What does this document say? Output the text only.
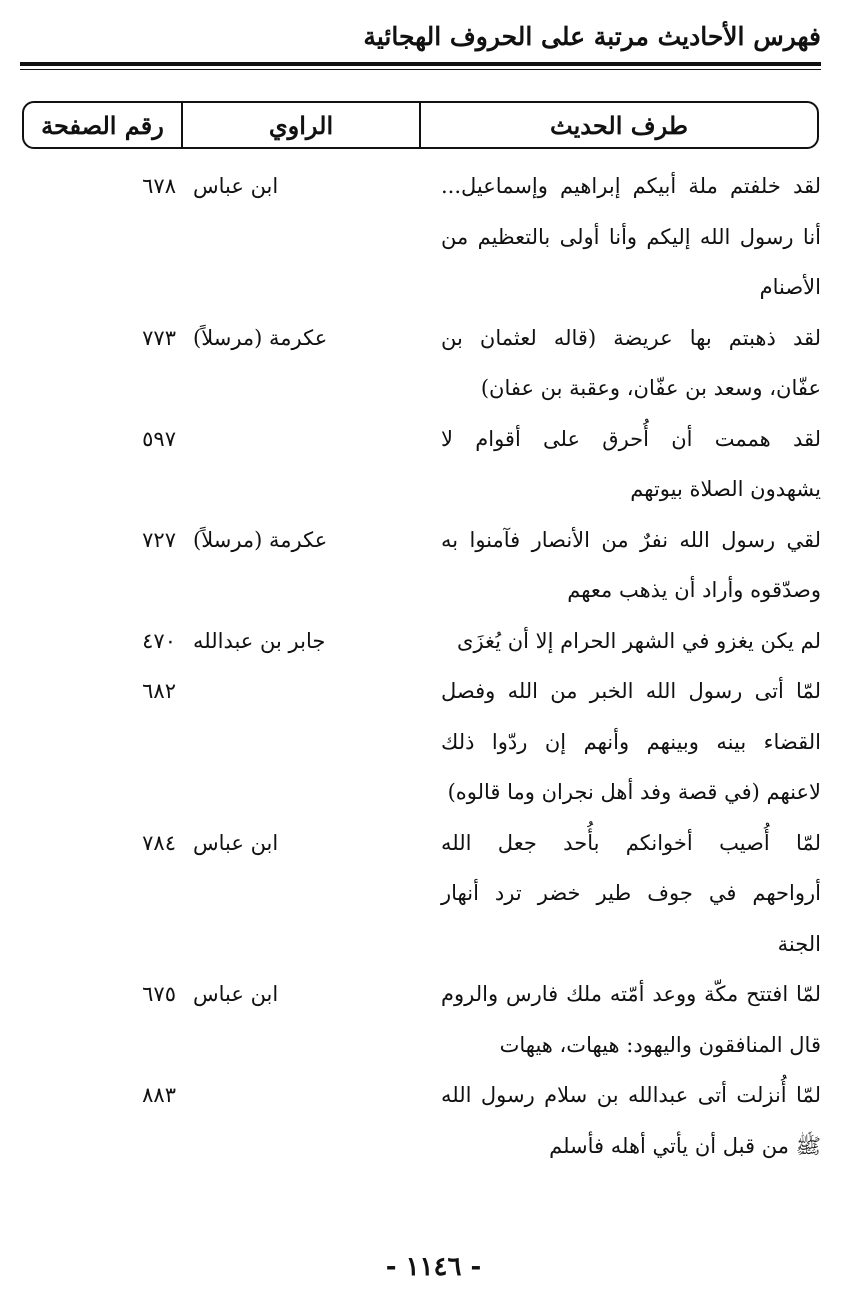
فهرس الأحاديث مرتبة على الحروف الهجائية
طرف الحديث
الراوي
رقم الصفحة
لقد خلفتم ملة أبيكم إبراهيم وإسماعيل...
أنا رسول الله إليكم وأنا أولى بالتعظيم من
الأصنام
ابن عباس
٦٧٨
لقد ذهبتم بها عريضة (قاله لعثمان بن
عفّان، وسعد بن عفّان، وعقبة بن عفان)
عكرمة (مرسلاً)
٧٧٣
لقد هممت أن أُحرق على أقوام لا
يشهدون الصلاة بيوتهم
٥٩٧
لقي رسول الله نفرٌ من الأنصار فآمنوا به
وصدّقوه وأراد أن يذهب معهم
عكرمة (مرسلاً)
٧٢٧
لم يكن يغزو في الشهر الحرام إلا أن يُغزَى
جابر بن عبدالله
٤٧٠
لمّا أتى رسول الله الخبر من الله وفصل
القضاء بينه وبينهم وأنهم إن ردّوا ذلك
لاعنهم (في قصة وفد أهل نجران وما قالوه)
٦٨٢
لمّا أُصيب أخوانكم بأُحد جعل الله
أرواحهم في جوف طير خضر ترد أنهار
الجنة
ابن عباس
٧٨٤
لمّا افتتح مكّة ووعد أمّته ملك فارس والروم
قال المنافقون واليهود: هيهات، هيهات
ابن عباس
٦٧٥
لمّا أُنزلت أتى عبدالله بن سلام رسول الله
ﷺ من قبل أن يأتي أهله فأسلم
٨٨٣
- ١١٤٦ -
